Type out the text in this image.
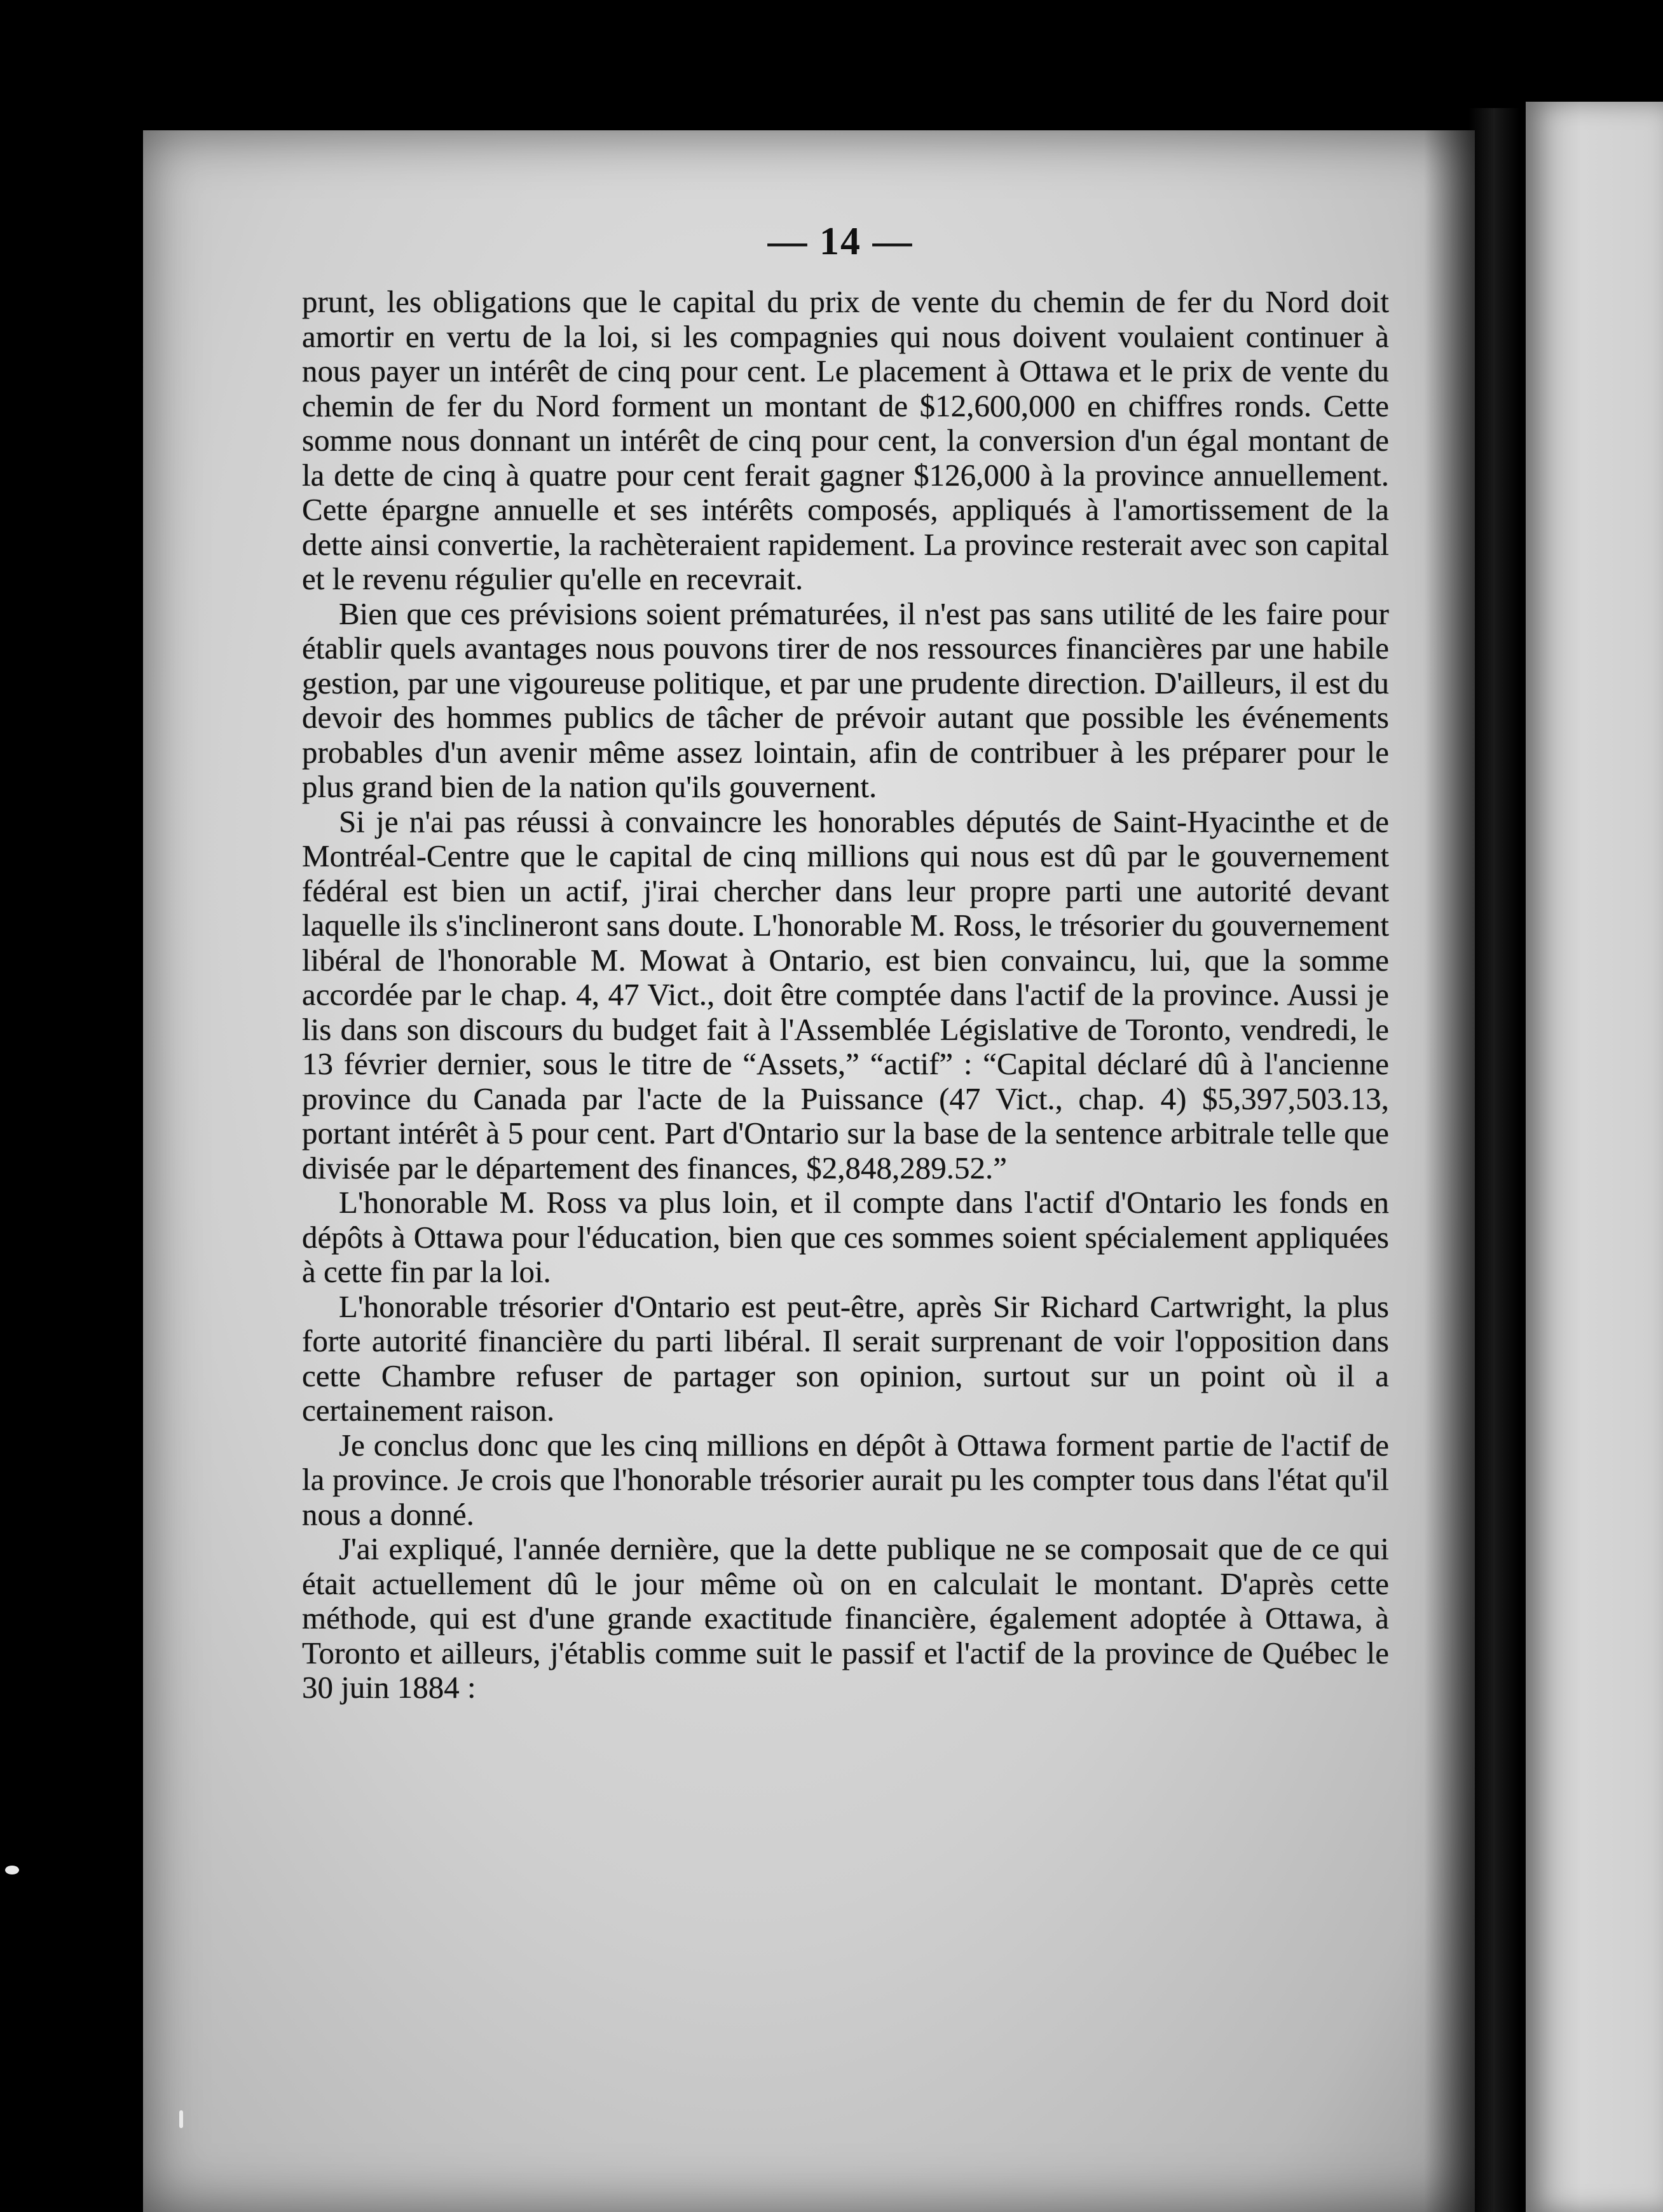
— 14 —

prunt, les obligations que le capital du prix de vente du chemin de fer du Nord doit amortir en vertu de la loi, si les compagnies qui nous doivent voulaient continuer à nous payer un intérêt de cinq pour cent. Le placement à Ottawa et le prix de vente du chemin de fer du Nord forment un montant de $12,600,000 en chiffres ronds. Cette somme nous donnant un intérêt de cinq pour cent, la conversion d'un égal montant de la dette de cinq à quatre pour cent ferait gagner $126,000 à la province annuellement. Cette épargne annuelle et ses intérêts composés, appliqués à l'amortissement de la dette ainsi convertie, la rachèteraient rapidement. La province resterait avec son capital et le revenu régulier qu'elle en recevrait.

Bien que ces prévisions soient prématurées, il n'est pas sans utilité de les faire pour établir quels avantages nous pouvons tirer de nos ressources financières par une habile gestion, par une vigoureuse politique, et par une prudente direction. D'ailleurs, il est du devoir des hommes publics de tâcher de prévoir autant que possible les événements probables d'un avenir même assez lointain, afin de contribuer à les préparer pour le plus grand bien de la nation qu'ils gouvernent.

Si je n'ai pas réussi à convaincre les honorables députés de Saint-Hyacinthe et de Montréal-Centre que le capital de cinq millions qui nous est dû par le gouvernement fédéral est bien un actif, j'irai chercher dans leur propre parti une autorité devant laquelle ils s'inclineront sans doute. L'honorable M. Ross, le trésorier du gouvernement libéral de l'honorable M. Mowat à Ontario, est bien convaincu, lui, que la somme accordée par le chap. 4, 47 Vict., doit être comptée dans l'actif de la province. Aussi je lis dans son discours du budget fait à l'Assemblée Législative de Toronto, vendredi, le 13 février dernier, sous le titre de “Assets,” “actif” : “Capital déclaré dû à l'ancienne province du Canada par l'acte de la Puissance (47 Vict., chap. 4) $5,397,503.13, portant intérêt à 5 pour cent. Part d'Ontario sur la base de la sentence arbitrale telle que divisée par le département des finances, $2,848,289.52.”

L'honorable M. Ross va plus loin, et il compte dans l'actif d'Ontario les fonds en dépôts à Ottawa pour l'éducation, bien que ces sommes soient spécialement appliquées à cette fin par la loi.

L'honorable trésorier d'Ontario est peut-être, après Sir Richard Cartwright, la plus forte autorité financière du parti libéral. Il serait surprenant de voir l'opposition dans cette Chambre refuser de partager son opinion, surtout sur un point où il a certainement raison.

Je conclus donc que les cinq millions en dépôt à Ottawa forment partie de l'actif de la province. Je crois que l'honorable trésorier aurait pu les compter tous dans l'état qu'il nous a donné.

J'ai expliqué, l'année dernière, que la dette publique ne se composait que de ce qui était actuellement dû le jour même où on en calculait le montant. D'après cette méthode, qui est d'une grande exactitude financière, également adoptée à Ottawa, à Toronto et ailleurs, j'établis comme suit le passif et l'actif de la province de Québec le 30 juin 1884 :
